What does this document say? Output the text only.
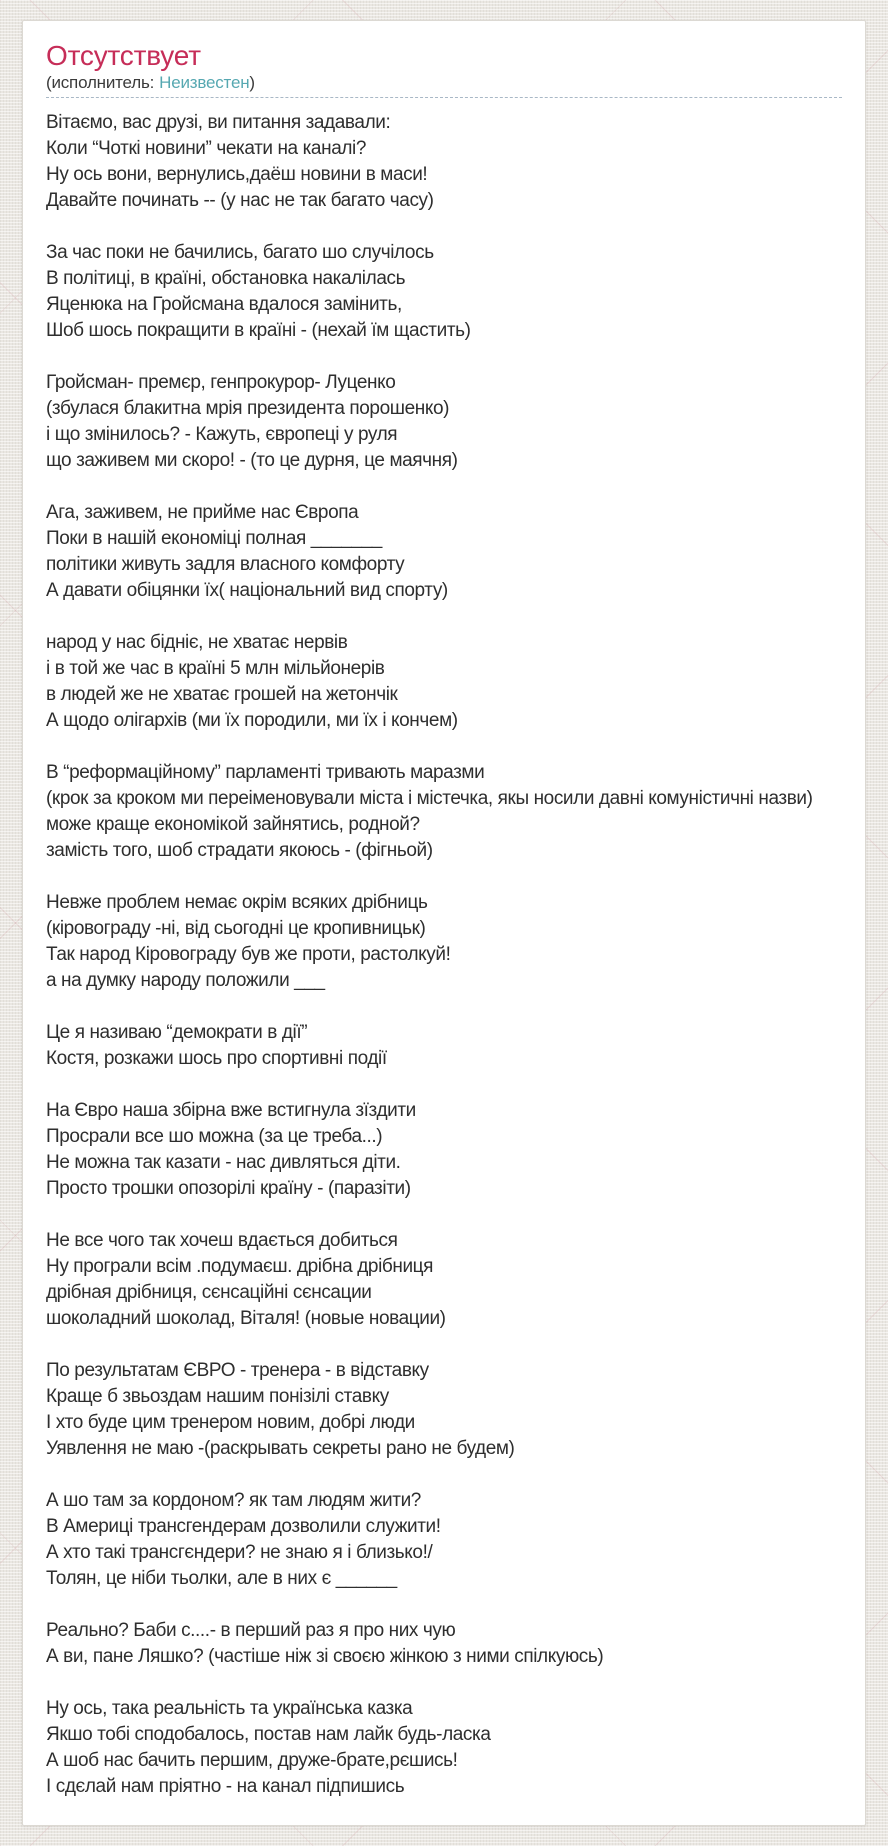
Отсутствует
(исполнитель: Неизвестен)
Вітаємо, вас друзі, ви питання задавали:
Коли “Чоткі новини” чекати на каналі?
Ну ось вони, вернулись,даёш новини в маси!
Давайте починать -- (у нас не так багато часу)
За час поки не бачились, багато шо случілось
В політиці, в країні, обстановка накалілась
Яценюка на Гройсмана вдалося замінить,
Шоб шось покращити в країні - (нехай їм щастить)
Гройсман- премєр, генпрокурор- Луценко
(збулася блакитна мрія президента порошенко)
і що змінилось? - Кажуть, європеці у руля
що заживем ми скоро! - (то це дурня, це маячня)
Ага, заживем, не прийме нас Європа
Поки в нашій економіці полная _______
політики живуть задля власного комфорту
А давати обіцянки їх( національний вид спорту)
народ у нас бідніє, не хватає нервів
і в той же час в країні 5 млн мільйонерів
в людей же не хватає грошей на жетончік
А щодо олігархів (ми їх породили, ми їх і кончем)
В “реформаційному” парламенті тривають маразми
(крок за кроком ми переіменовували міста і містечка, якы носили давні комуністичні назви)
може краще економікой зайнятись, родной?
замість того, шоб страдати якоюсь - (фігньой)
Невже проблем немає окрім всяких дрібниць
(кіровограду -ні, від сьогодні це кропивницьк)
Так народ Кіровограду був же проти, растолкуй!
а на думку народу положили ___
Це я називаю “демократи в дії”
Костя, розкажи шось про спортивні події
На Євро наша збірна вже встигнула зїздити
Просрали все шо можна (за це треба...)
Не можна так казати - нас дивляться діти.
Просто трошки опозорілі країну - (паразіти)
Не все чого так хочеш вдається добиться
Ну програли всім .подумаєш. дрібна дрібниця
дрібная дрібниця, сєнсаційні сєнсации
шоколадний шоколад, Віталя! (новые новации)
По результатам ЄВРО - тренера - в відставку
Краще б звьоздам нашим понізілі ставку
І хто буде цим тренером новим, добрі люди
Уявлення не маю -(раскрывать секреты рано не будем)
А шо там за кордоном? як там людям жити?
В Америці трансгендерам дозволили служити!
А хто такі трансгєндери? не знаю я і близько!/
Толян, це ніби тьолки, але в них є ______
Реально? Баби с....- в перший раз я про них чую
А ви, пане Ляшко? (частіше ніж зі своєю жінкою з ними спілкуюсь)
Ну ось, така реальність та українська казка
Якшо тобі сподобалось, постав нам лайк будь-ласка
А шоб нас бачить першим, друже-брате,рєшись!
І сдєлай нам пріятно - на канал підпишись
